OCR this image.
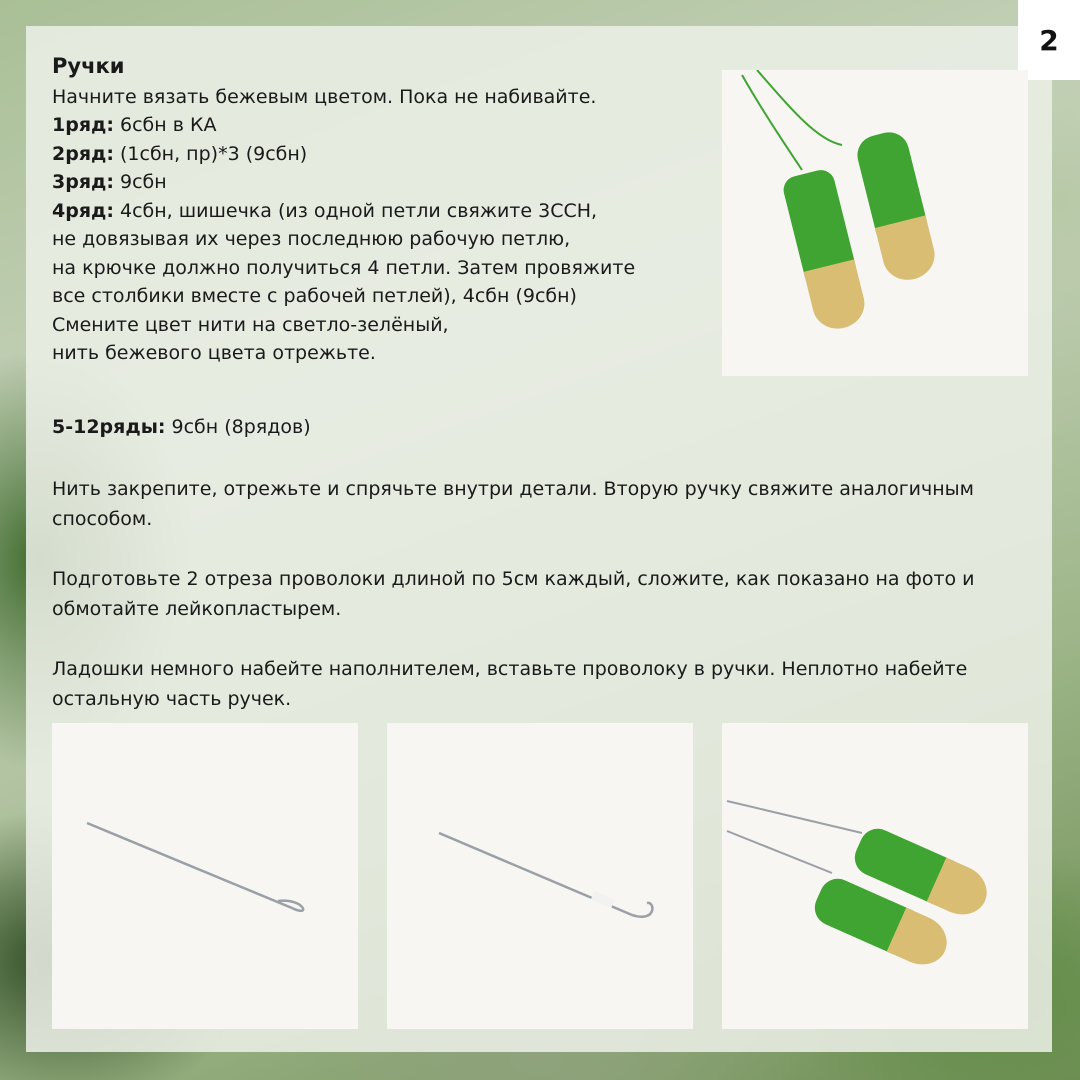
2
Ручки
Начните вязать бежевым цветом. Пока не набивайте.
1ряд: 6сбн в КА
2ряд: (1сбн, пр)*3 (9сбн)
3ряд: 9сбн
4ряд: 4сбн, шишечка (из одной петли свяжите 3ССН,
не довязывая их через последнюю рабочую петлю,
на крючке должно получиться 4 петли. Затем провяжите
все столбики вместе с рабочей петлей), 4сбн (9сбн)
Смените цвет нити на светло-зелёный,
нить бежевого цвета отрежьте.
5-12ряды: 9сбн (8рядов)
Нить закрепите, отрежьте и спрячьте внутри детали. Вторую ручку свяжите аналогичным
способом.
Подготовьте 2 отреза проволоки длиной по 5см каждый, сложите, как показано на фото и
обмотайте лейкопластырем.
Ладошки немного набейте наполнителем, вставьте проволоку в ручки. Неплотно набейте
остальную часть ручек.
